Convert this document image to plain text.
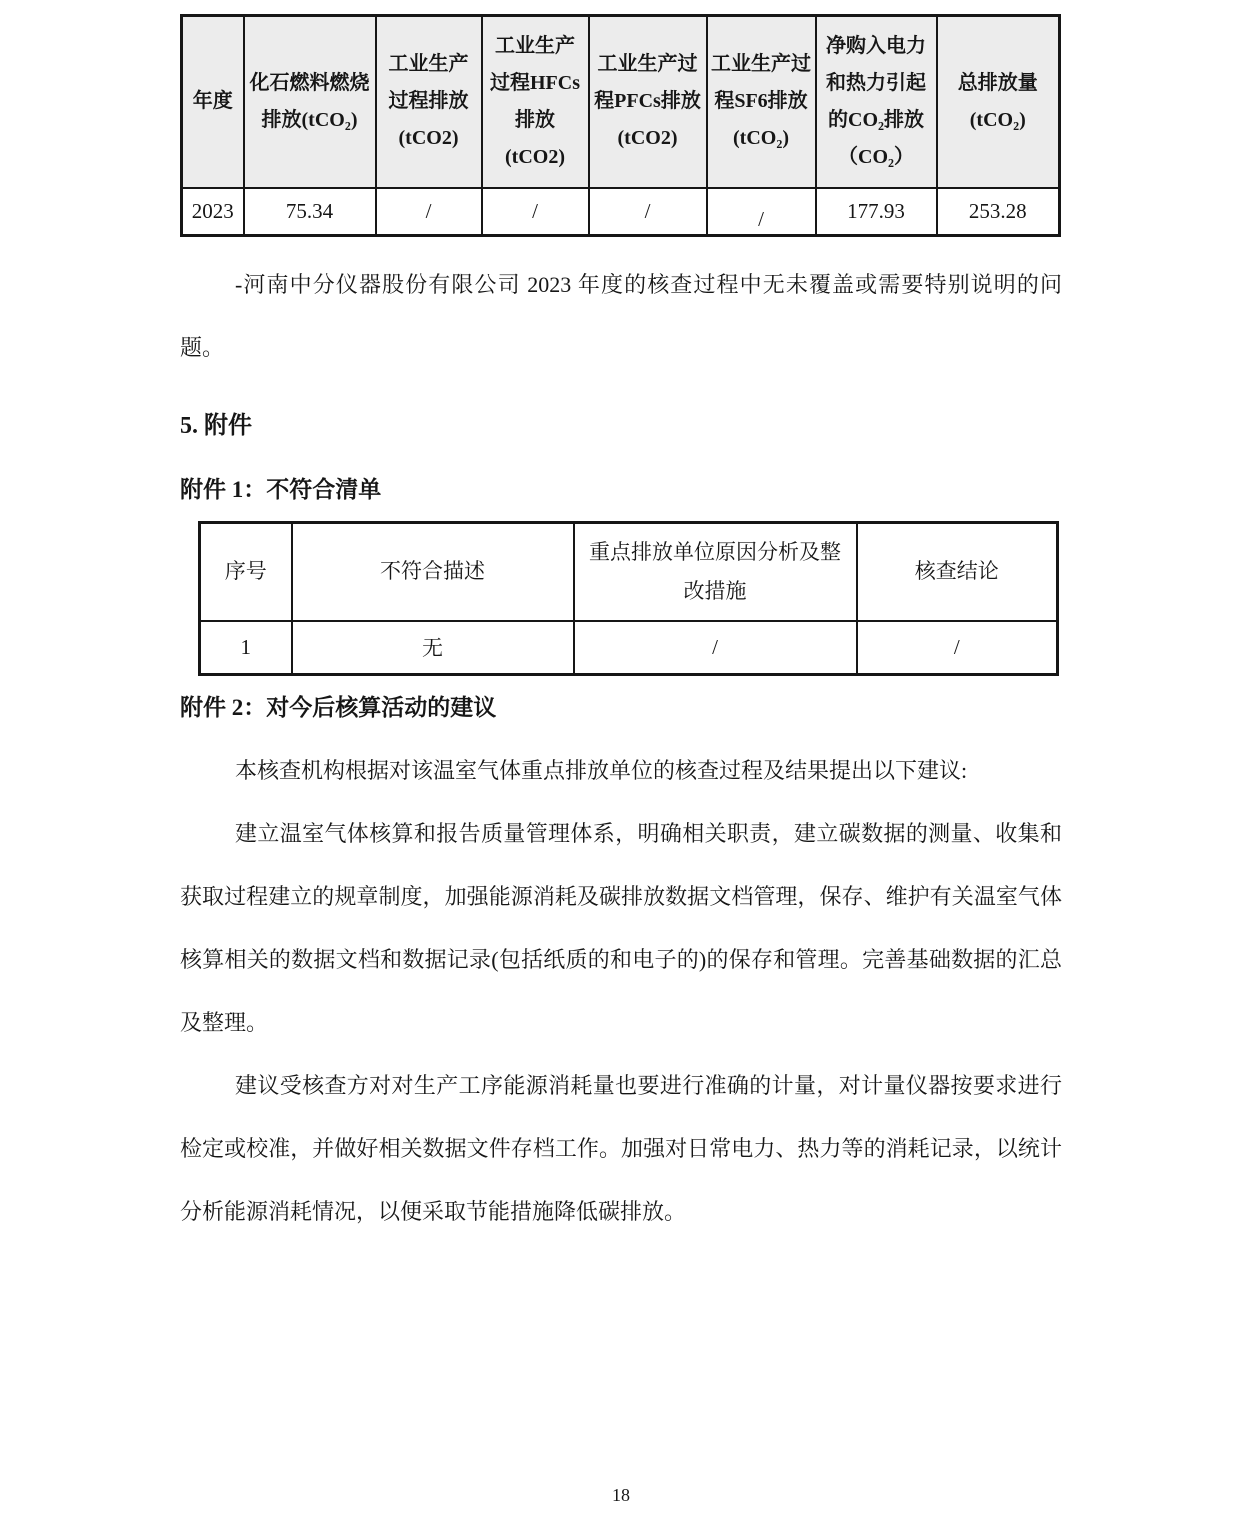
年度	化石燃料燃烧排放(tCO₂)	工业生产过程排放(tCO2)	工业生产过程HFCs排放(tCO2)	工业生产过程PFCs排放(tCO2)	工业生产过程SF6排放(tCO₂)	净购入电力和热力引起的CO₂排放（CO₂）	总排放量(tCO₂)
2023	75.34	/	/	/	/	177.93	253.28

-河南中分仪器股份有限公司 2023 年度的核查过程中无未覆盖或需要特别说明的问题。

5. 附件
附件 1：不符合清单
序号	不符合描述	重点排放单位原因分析及整改措施	核查结论
1	无	/	/
附件 2：对今后核算活动的建议

本核查机构根据对该温室气体重点排放单位的核查过程及结果提出以下建议:

建立温室气体核算和报告质量管理体系，明确相关职责，建立碳数据的测量、收集和获取过程建立的规章制度，加强能源消耗及碳排放数据文档管理，保存、维护有关温室气体核算相关的数据文档和数据记录(包括纸质的和电子的)的保存和管理。完善基础数据的汇总及整理。

建议受核查方对对生产工序能源消耗量也要进行准确的计量，对计量仪器按要求进行检定或校准，并做好相关数据文件存档工作。加强对日常电力、热力等的消耗记录，以统计分析能源消耗情况，以便采取节能措施降低碳排放。

18
